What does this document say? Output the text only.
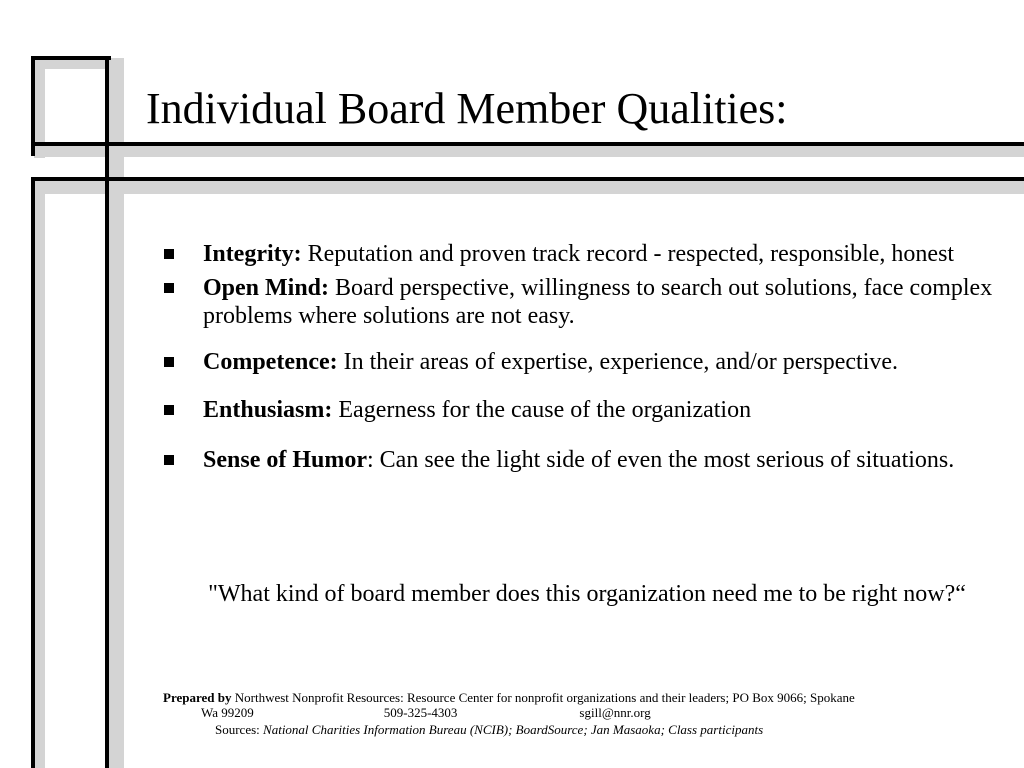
Individual Board Member Qualities:
Integrity: Reputation and proven track record - respected, responsible, honest
Open Mind: Board perspective, willingness to search out solutions, face complex problems where solutions are not easy.
Competence: In their areas of expertise, experience, and/or perspective.
Enthusiasm: Eagerness for the cause of the organization
Sense of Humor: Can see the light side of even the most serious of situations.
"What kind of board member does this organization need me to be right now?“
Prepared by Northwest Nonprofit Resources: Resource Center for nonprofit organizations and their leaders; PO Box 9066; Spokane
Wa 99209	509-325-4303	sgill@nnr.org
Sources: National Charities Information Bureau (NCIB); BoardSource; Jan Masaoka; Class participants
